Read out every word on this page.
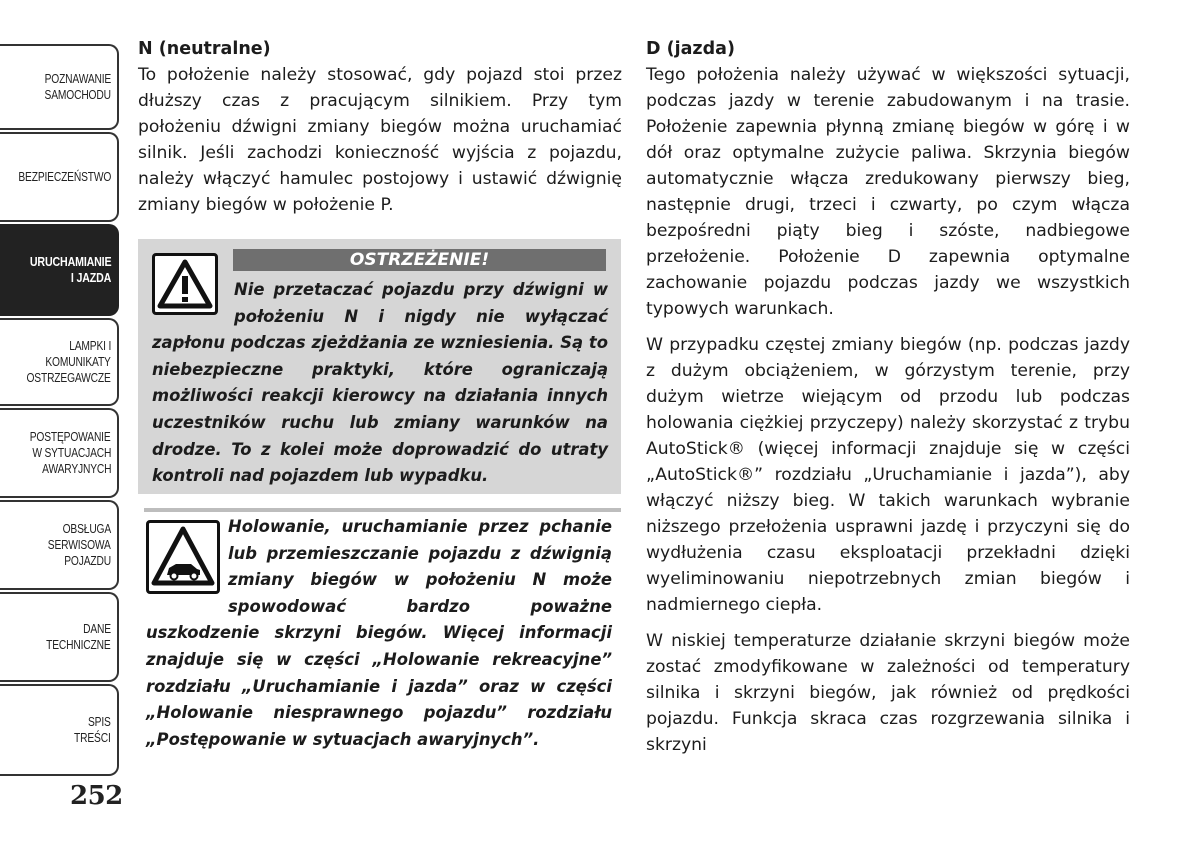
POZNAWANIE
SAMOCHODU
BEZPIECZEŃSTWO
URUCHAMIANIE
I JAZDA
LAMPKI I
KOMUNIKATY
OSTRZEGAWCZE
POSTĘPOWANIE
W SYTUACJACH
AWARYJNYCH
OBSŁUGA
SERWISOWA
POJAZDU
DANE
TECHNICZNE
SPIS
TREŚCI
252
N (neutralne)

To położenie należy stosować, gdy pojazd stoi przez dłuższy czas z pracującym silnikiem. Przy tym położeniu dźwigni zmiany biegów można uruchamiać silnik. Jeśli zachodzi konieczność wyjścia z pojazdu, należy włączyć hamulec postojowy i ustawić dźwignię zmiany biegów w położenie P.

OSTRZEŻENIE!
Nie przetaczać pojazdu przy dźwigni w położeniu N i nigdy nie wyłączać zapłonu podczas zjeżdżania ze wzniesienia. Są to niebezpieczne praktyki, które ograniczają możliwości reakcji kierowcy na działania innych uczestników ruchu lub zmiany warunków na drodze. To z kolei może doprowadzić do utraty kontroli nad pojazdem lub wypadku.
Holowanie, uruchamianie przez pchanie lub przemieszczanie pojazdu z dźwignią zmiany biegów w położeniu N może spowodować bardzo poważne uszkodzenie skrzyni biegów. Więcej informacji znajduje się w części „Holowanie rekreacyjne” rozdziału „Uruchamianie i jazda” oraz w części „Holowanie niesprawnego pojazdu” rozdziału „Postępowanie w sytuacjach awaryjnych”.
D (jazda)

Tego położenia należy używać w większości sytuacji, podczas jazdy w terenie zabudowanym i na trasie. Położenie zapewnia płynną zmianę biegów w górę i w dół oraz optymalne zużycie paliwa. Skrzynia biegów automatycznie włącza zredukowany pierwszy bieg, następnie drugi, trzeci i czwarty, po czym włącza bezpośredni piąty bieg i szóste, nadbiegowe przełożenie. Położenie D zapewnia optymalne zachowanie pojazdu podczas jazdy we wszystkich typowych warunkach.

W przypadku częstej zmiany biegów (np. podczas jazdy z dużym obciążeniem, w górzystym terenie, przy dużym wietrze wiejącym od przodu lub podczas holowania ciężkiej przyczepy) należy skorzystać z trybu AutoStick® (więcej informacji znajduje się w części „AutoStick®” rozdziału „Uruchamianie i jazda”), aby włączyć niższy bieg. W takich warunkach wybranie niższego przełożenia usprawni jazdę i przyczyni się do wydłużenia czasu eksploatacji przekładni dzięki wyeliminowaniu niepotrzebnych zmian biegów i nadmiernego ciepła.

W niskiej temperaturze działanie skrzyni biegów może zostać zmodyfikowane w zależności od temperatury silnika i skrzyni biegów, jak również od prędkości pojazdu. Funkcja skraca czas rozgrzewania silnika i skrzyni
